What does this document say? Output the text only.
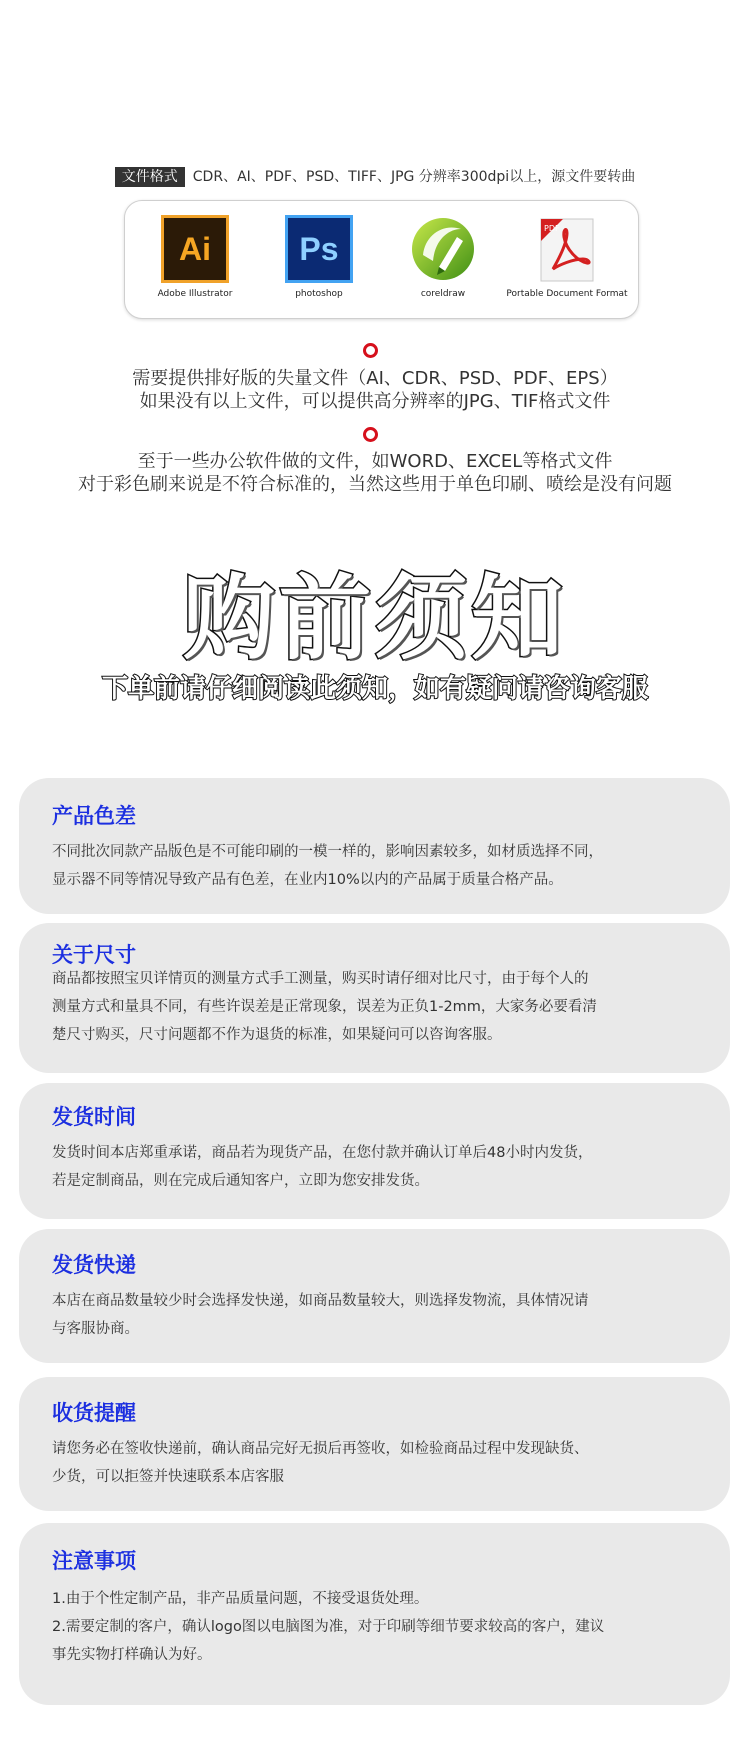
文件格式 CDR、AI、PDF、PSD、TIFF、JPG 分辨率300dpi以上，源文件要转曲
Ai
Adobe Illustrator
Ps
photoshop	coreldraw
PDF
Portable Document Format
需要提供排好版的失量文件（AI、CDR、PSD、PDF、EPS）
如果没有以上文件，可以提供高分辨率的JPG、TIF格式文件
至于一些办公软件做的文件，如WORD、EXCEL等格式文件
对于彩色刷来说是不符合标准的，当然这些用于单色印刷、喷绘是没有问题
购前须知
下单前请仔细阅读此须知，如有疑问请咨询客服
产品色差
不同批次同款产品版色是不可能印刷的一模一样的，影响因素较多，如材质选择不同，
显示器不同等情况导致产品有色差，在业内10%以内的产品属于质量合格产品。
关于尺寸
商品都按照宝贝详情页的测量方式手工测量，购买时请仔细对比尺寸，由于每个人的
测量方式和量具不同，有些许误差是正常现象，误差为正负1-2mm，大家务必要看清
楚尺寸购买，尺寸问题都不作为退货的标准，如果疑问可以咨询客服。
发货时间
发货时间本店郑重承诺，商品若为现货产品，在您付款并确认订单后48小时内发货，
若是定制商品，则在完成后通知客户，立即为您安排发货。
发货快递
本店在商品数量较少时会选择发快递，如商品数量较大，则选择发物流，具体情况请
与客服协商。
收货提醒
请您务必在签收快递前，确认商品完好无损后再签收，如检验商品过程中发现缺货、
少货，可以拒签并快速联系本店客服
注意事项
1.由于个性定制产品，非产品质量问题，不接受退货处理。
2.需要定制的客户，确认logo图以电脑图为准，对于印刷等细节要求较高的客户，建议
事先实物打样确认为好。
